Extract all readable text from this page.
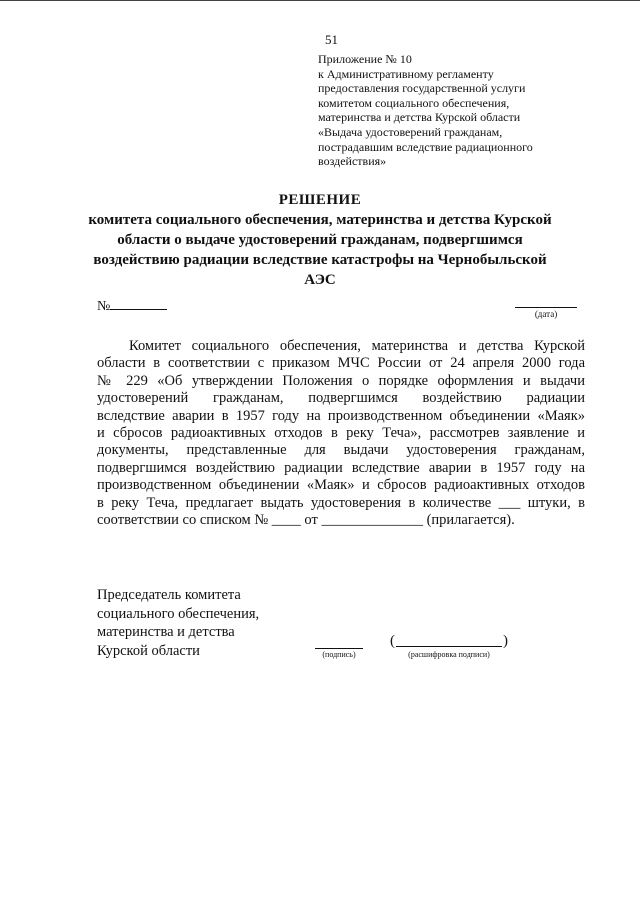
51
Приложение № 10
к Административному регламенту
предоставления государственной услуги
комитетом социального обеспечения,
материнства и детства Курской области
«Выдача удостоверений гражданам,
пострадавшим вследствие радиационного
воздействия»
РЕШЕНИЕ
комитета социального обеспечения, материнства и детства Курской
области о выдаче удостоверений гражданам, подвергшимся
воздействию радиации вследствие катастрофы на Чернобыльской
АЭС
№	(дата)
Комитет социального обеспечения, материнства и детства Курской
области в соответствии с приказом МЧС России от 24 апреля 2000 года
№ 229 «Об утверждении Положения о порядке оформления и выдачи
удостоверений гражданам, подвергшимся воздействию радиации
вследствие аварии в 1957 году на производственном объединении «Маяк»
и сбросов радиоактивных отходов в реку Теча», рассмотрев заявление и
документы, представленные для выдачи удостоверения гражданам,
подвергшимся воздействию радиации вследствие аварии в 1957 году на
производственном объединении «Маяк» и сбросов радиоактивных отходов
в реку Теча, предлагает выдать удостоверения в количестве ___ штуки, в
соответствии со списком № ____ от ______________ (прилагается).
Председатель комитета
социального обеспечения,
материнства и детства
Курской области	(подпись)
(	)
(расшифровка подписи)
